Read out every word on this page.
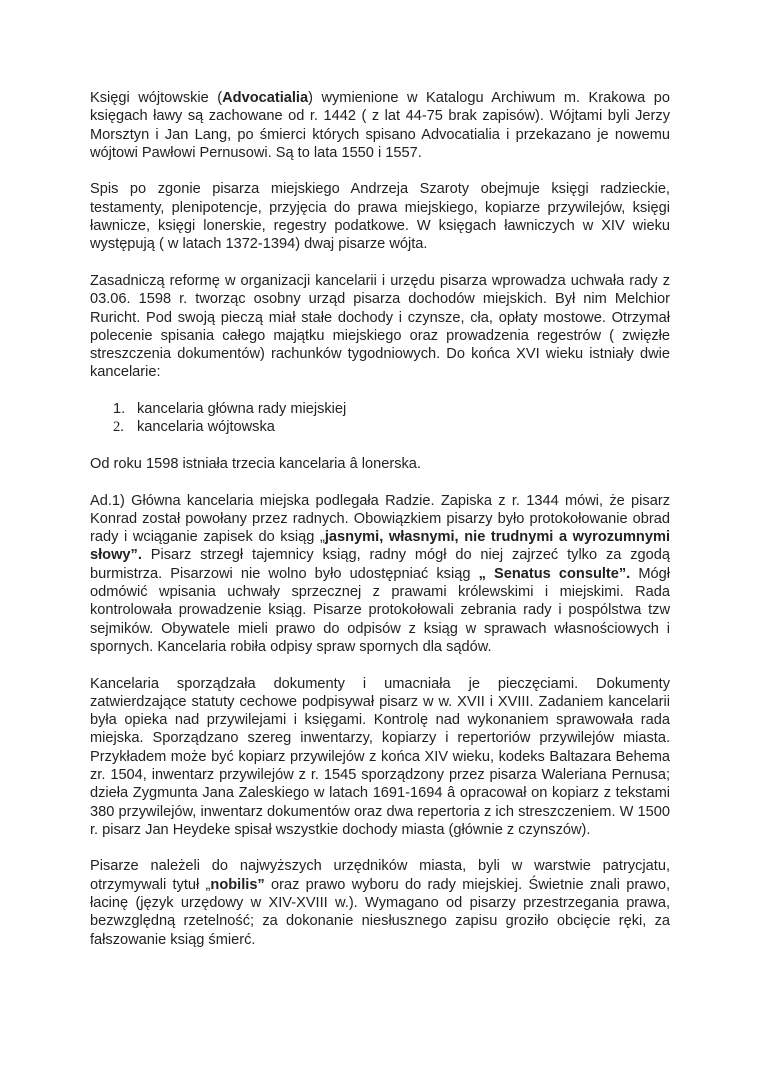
Księgi wójtowskie (Advocatialia) wymienione w Katalogu Archiwum m. Krakowa po księgach ławy są zachowane od r. 1442 ( z lat 44-75 brak zapisów). Wójtami byli Jerzy Morsztyn i Jan Lang, po śmierci których spisano Advocatialia i przekazano je nowemu wójtowi Pawłowi Pernusowi. Są to lata 1550 i 1557.

Spis po zgonie pisarza miejskiego Andrzeja Szaroty obejmuje księgi radzieckie, testamenty, plenipotencje, przyjęcia do prawa miejskiego, kopiarze przywilejów, księgi ławnicze, księgi lonerskie, regestry podatkowe. W księgach ławniczych w XIV wieku występują ( w latach 1372-1394) dwaj pisarze wójta.

Zasadniczą reformę w organizacji kancelarii i urzędu pisarza wprowadza uchwała rady z 03.06. 1598 r. tworząc osobny urząd pisarza dochodów miejskich. Był nim Melchior Ruricht. Pod swoją pieczą miał stałe dochody i czynsze, cła, opłaty mostowe. Otrzymał polecenie spisania całego majątku miejskiego oraz prowadzenia regestrów ( zwięzłe streszczenia dokumentów) rachunków tygodniowych. Do końca XVI wieku istniały dwie kancelarie:

1. kancelaria główna rady miejskiej
2. kancelaria wójtowska

Od roku 1598 istniała trzecia kancelaria â lonerska.

Ad.1) Główna kancelaria miejska podlegała Radzie. Zapiska z r. 1344 mówi, że pisarz Konrad został powołany przez radnych. Obowiązkiem pisarzy było protokołowanie obrad rady i wciąganie zapisek do ksiąg „jasnymi, własnymi, nie trudnymi a wyrozumnymi słowy”. Pisarz strzegł tajemnicy ksiąg, radny mógł do niej zajrzeć tylko za zgodą burmistrza. Pisarzowi nie wolno było udostępniać ksiąg „ Senatus consulte”. Mógł odmówić wpisania uchwały sprzecznej z prawami królewskimi i miejskimi. Rada kontrolowała prowadzenie ksiąg. Pisarze protokołowali zebrania rady i pospólstwa tzw sejmików. Obywatele mieli prawo do odpisów z ksiąg w sprawach własnościowych i spornych. Kancelaria robiła odpisy spraw spornych dla sądów.

Kancelaria sporządzała dokumenty i umacniała je pieczęciami. Dokumenty zatwierdzające statuty cechowe podpisywał pisarz w w. XVII i XVIII. Zadaniem kancelarii była opieka nad przywilejami i księgami. Kontrolę nad wykonaniem sprawowała rada miejska. Sporządzano szereg inwentarzy, kopiarzy i repertoriów przywilejów miasta. Przykładem może być kopiarz przywilejów z końca XIV wieku, kodeks Baltazara Behema zr. 1504, inwentarz przywilejów z r. 1545 sporządzony przez pisarza Waleriana Pernusa; dzieła Zygmunta Jana Zaleskiego w latach 1691-1694 â opracował on kopiarz z tekstami 380 przywilejów, inwentarz dokumentów oraz dwa repertoria z ich streszczeniem. W 1500 r. pisarz Jan Heydeke spisał wszystkie dochody miasta (głównie z czynszów).

Pisarze należeli do najwyższych urzędników miasta, byli w warstwie patrycjatu, otrzymywali tytuł „nobilis” oraz prawo wyboru do rady miejskiej. Świetnie znali prawo, łacinę (język urzędowy w XIV-XVIII w.). Wymagano od pisarzy przestrzegania prawa, bezwzględną rzetelność; za dokonanie niesłusznego zapisu groziło obcięcie ręki, za fałszowanie ksiąg śmierć.
